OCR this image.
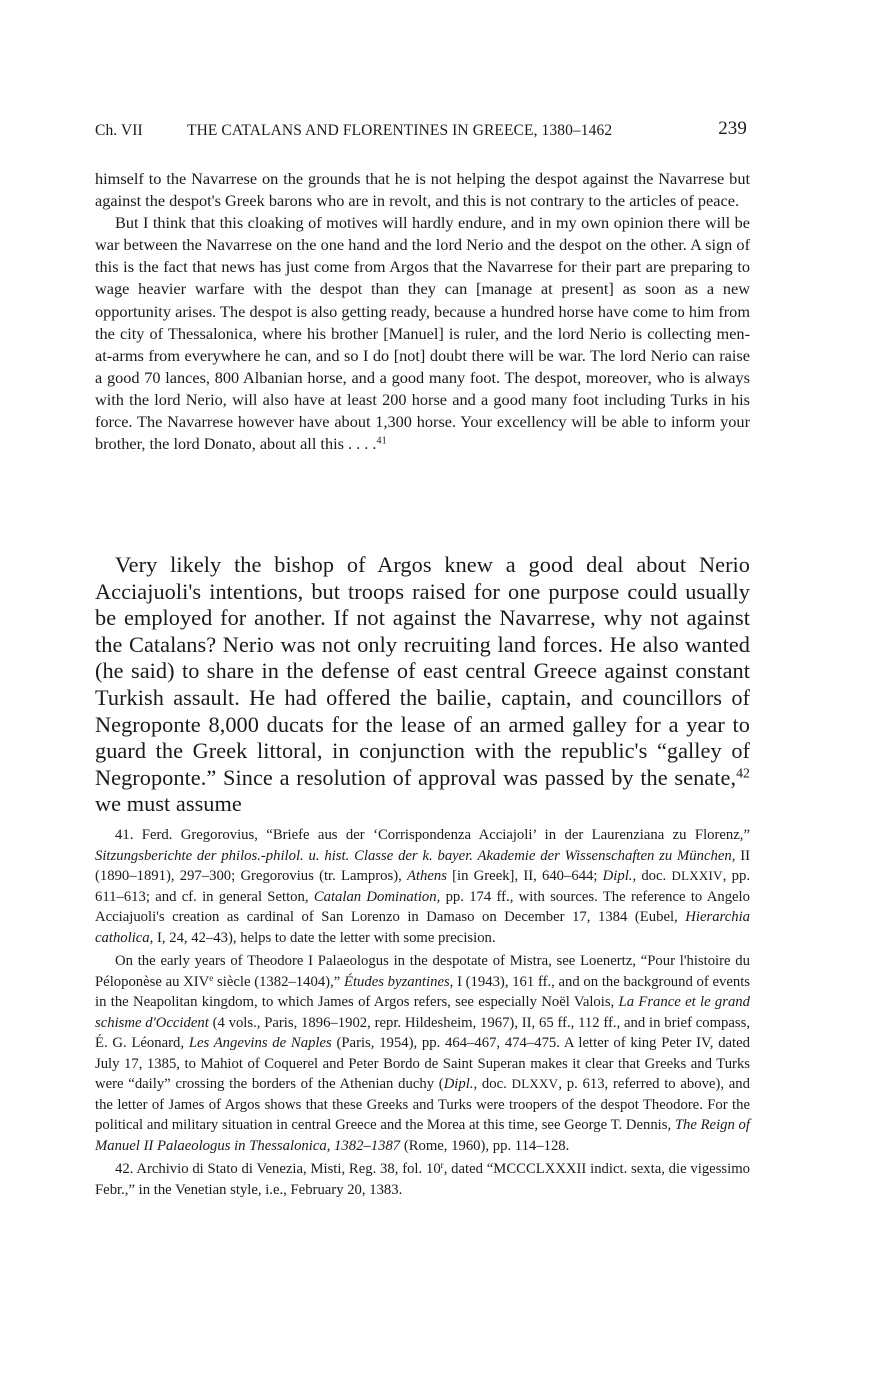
Ch. VII	THE CATALANS AND FLORENTINES IN GREECE, 1380–1462	239

himself to the Navarrese on the grounds that he is not helping the despot against the Navarrese but against the despot's Greek barons who are in revolt, and this is not contrary to the articles of peace.

But I think that this cloaking of motives will hardly endure, and in my own opinion there will be war between the Navarrese on the one hand and the lord Nerio and the despot on the other. A sign of this is the fact that news has just come from Argos that the Navarrese for their part are preparing to wage heavier warfare with the despot than they can [manage at present] as soon as a new opportunity arises. The despot is also getting ready, because a hundred horse have come to him from the city of Thessalonica, where his brother [Manuel] is ruler, and the lord Nerio is collecting men-at-arms from everywhere he can, and so I do [not] doubt there will be war. The lord Nerio can raise a good 70 lances, 800 Albanian horse, and a good many foot. The despot, moreover, who is always with the lord Nerio, will also have at least 200 horse and a good many foot including Turks in his force. The Navarrese however have about 1,300 horse. Your excellency will be able to inform your brother, the lord Donato, about all this . . . .$^{41}$

Very likely the bishop of Argos knew a good deal about Nerio Acciajuoli's intentions, but troops raised for one purpose could usually be employed for another. If not against the Navarrese, why not against the Catalans? Nerio was not only recruiting land forces. He also wanted (he said) to share in the defense of east central Greece against constant Turkish assault. He had offered the bailie, captain, and councillors of Negroponte 8,000 ducats for the lease of an armed galley for a year to guard the Greek littoral, in conjunction with the republic's “galley of Negroponte.” Since a resolution of approval was passed by the senate,$^{42}$ we must assume

41. Ferd. Gregorovius, “Briefe aus der ‘Corrispondenza Acciajoli’ in der Laurenziana zu Florenz,” Sitzungsberichte der philos.-philol. u. hist. Classe der k. bayer. Akademie der Wissenschaften zu München, II (1890–1891), 297–300; Gregorovius (tr. Lampros), Athens [in Greek], II, 640–644; Dipl., doc. DLXXIV, pp. 611–613; and cf. in general Setton, Catalan Domination, pp. 174 ff., with sources. The reference to Angelo Acciajuoli's creation as cardinal of San Lorenzo in Damaso on December 17, 1384 (Eubel, Hierarchia catholica, I, 24, 42–43), helps to date the letter with some precision.

On the early years of Theodore I Palaeologus in the despotate of Mistra, see Loenertz, “Pour l'histoire du Péloponèse au XIVe siècle (1382–1404),” Études byzantines, I (1943), 161 ff., and on the background of events in the Neapolitan kingdom, to which James of Argos refers, see especially Noël Valois, La France et le grand schisme d'Occident (4 vols., Paris, 1896–1902, repr. Hildesheim, 1967), II, 65 ff., 112 ff., and in brief compass, É. G. Léonard, Les Angevins de Naples (Paris, 1954), pp. 464–467, 474–475. A letter of king Peter IV, dated July 17, 1385, to Mahiot of Coquerel and Peter Bordo de Saint Superan makes it clear that Greeks and Turks were “daily” crossing the borders of the Athenian duchy (Dipl., doc. DLXXV, p. 613, referred to above), and the letter of James of Argos shows that these Greeks and Turks were troopers of the despot Theodore. For the political and military situation in central Greece and the Morea at this time, see George T. Dennis, The Reign of Manuel II Palaeologus in Thessalonica, 1382–1387 (Rome, 1960), pp. 114–128.

42. Archivio di Stato di Venezia, Misti, Reg. 38, fol. 10$^r$, dated “MCCCLXXXII indict. sexta, die vigessimo Febr.,” in the Venetian style, i.e., February 20, 1383.
